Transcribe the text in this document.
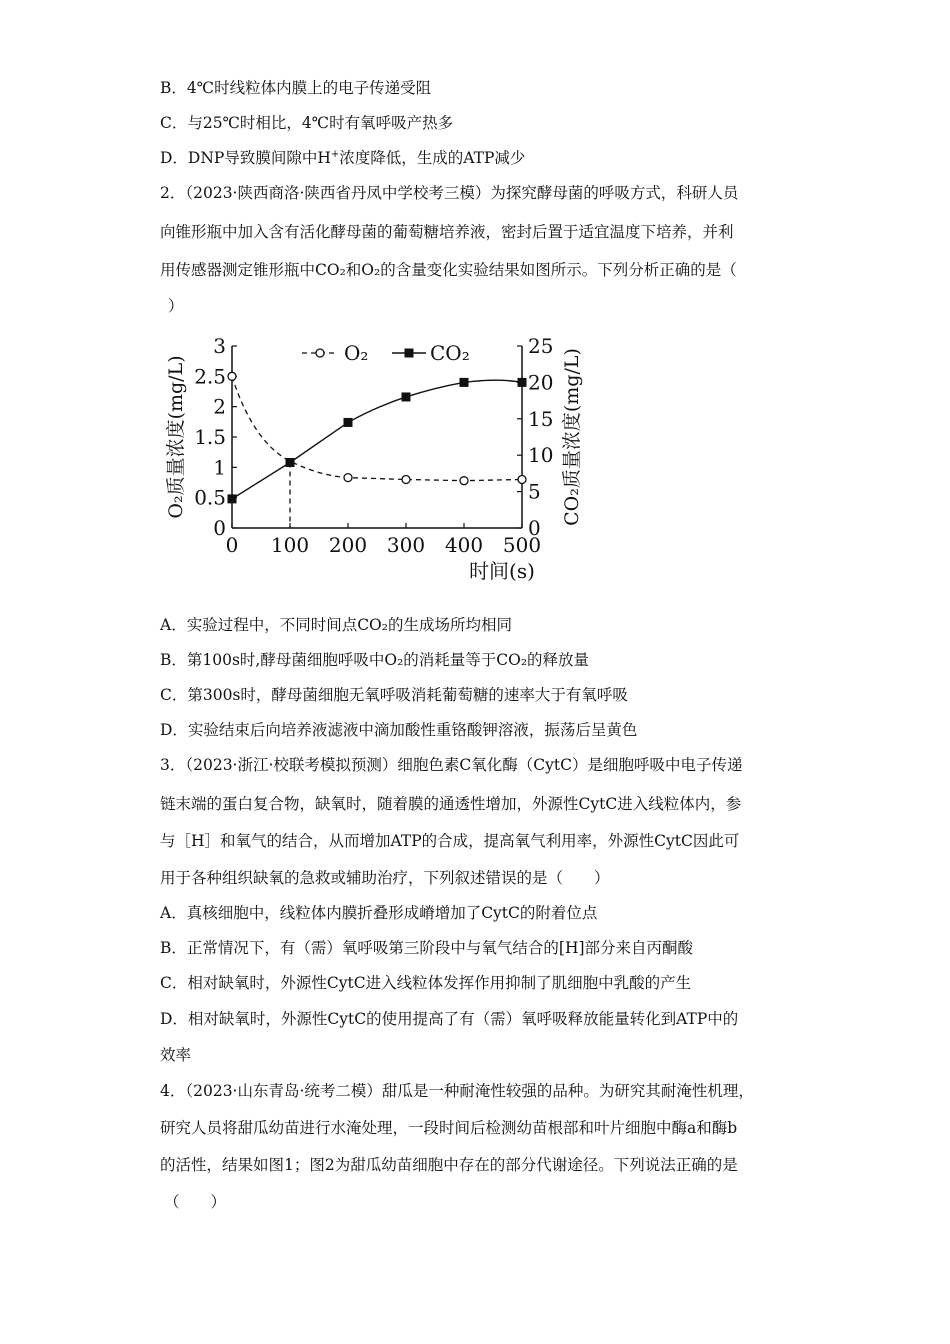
B．4℃时线粒体内膜上的电子传递受阻
C．与25℃时相比，4℃时有氧呼吸产热多
D．DNP导致膜间隙中H+浓度降低，生成的ATP减少
2．（2023·陕西商洛·陕西省丹凤中学校考三模）为探究酵母菌的呼吸方式，科研人员
向锥形瓶中加入含有活化酵母菌的葡萄糖培养液，密封后置于适宜温度下培养，并利
用传感器测定锥形瓶中CO₂和O₂的含量变化实验结果如图所示。下列分析正确的是（
）
0
0.5
1
1.5
2
2.5
3
0
5
10
15
20
25
0 100 200 300 400 500
时间(s)
O₂质量浓度(mg/L)	CO₂质量浓度(mg/L)
O₂	CO₂
A．实验过程中，不同时间点CO₂的生成场所均相同
B．第100s时,酵母菌细胞呼吸中O₂的消耗量等于CO₂的释放量
C．第300s时，酵母菌细胞无氧呼吸消耗葡萄糖的速率大于有氧呼吸
D．实验结束后向培养液滤液中滴加酸性重铬酸钾溶液，振荡后呈黄色
3．（2023·浙江·校联考模拟预测）细胞色素C氧化酶（CytC）是细胞呼吸中电子传递
链末端的蛋白复合物，缺氧时，随着膜的通透性增加，外源性CytC进入线粒体内，参
与［H］和氧气的结合，从而增加ATP的合成，提高氧气利用率，外源性CytC因此可
用于各种组织缺氧的急救或辅助治疗，下列叙述错误的是（　　）
A．真核细胞中，线粒体内膜折叠形成嵴增加了CytC的附着位点
B．正常情况下，有（需）氧呼吸第三阶段中与氧气结合的[H]部分来自丙酮酸
C．相对缺氧时，外源性CytC进入线粒体发挥作用抑制了肌细胞中乳酸的产生
D．相对缺氧时，外源性CytC的使用提高了有（需）氧呼吸释放能量转化到ATP中的
效率
4．（2023·山东青岛·统考二模）甜瓜是一种耐淹性较强的品种。为研究其耐淹性机理，
研究人员将甜瓜幼苗进行水淹处理，一段时间后检测幼苗根部和叶片细胞中酶a和酶b
的活性，结果如图1；图2为甜瓜幼苗细胞中存在的部分代谢途径。下列说法正确的是
（　　）
